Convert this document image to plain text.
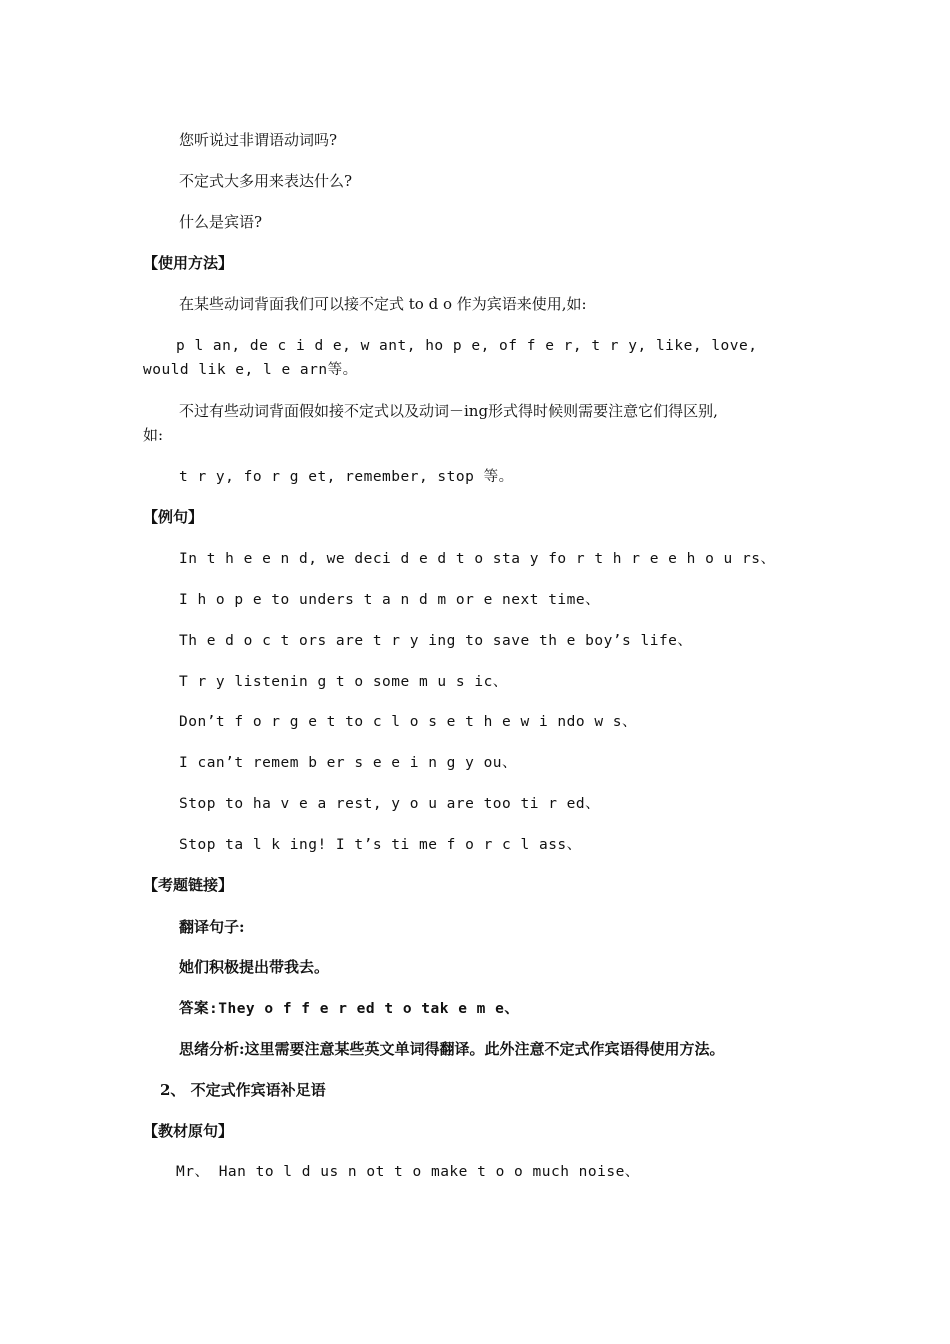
您听说过非谓语动词吗?
不定式大多用来表达什么?
什么是宾语?
【使用方法】
在某些动词背面我们可以接不定式 to d o 作为宾语来使用,如:
p l an, de c i d e, w ant, ho p e, of f e r, t r y, like, love,
would lik e, l e arn等。
不过有些动词背面假如接不定式以及动词－ing形式得时候则需要注意它们得区别,
如:
t r y, fo r g et, remember, stop 等。
【例句】
In t h e e n d, we deci d e d t o sta y fo r t h r e e h o u rs、
I h o p e to unders t a n d m or e next time、
Th e d o c t ors are t r y ing to save th e boy’s life、
T r y listenin g t o some m u s ic、
Don’t f o r g e t to c l o s e t h e w i ndo w s、
I can’t remem b er s e e i n g y ou、
Stop to ha v e a rest, y o u are too ti r ed、
Stop ta l k ing! I t’s ti me f o r c l ass、
【考题链接】
翻译句子:
她们积极提出带我去。
答案:They o f f e r ed t o tak e m e、
思绪分析:这里需要注意某些英文单词得翻译。此外注意不定式作宾语得使用方法。
2、 不定式作宾语补足语
【教材原句】
Mr、 Han to l d us n ot t o make t o o much noise、
